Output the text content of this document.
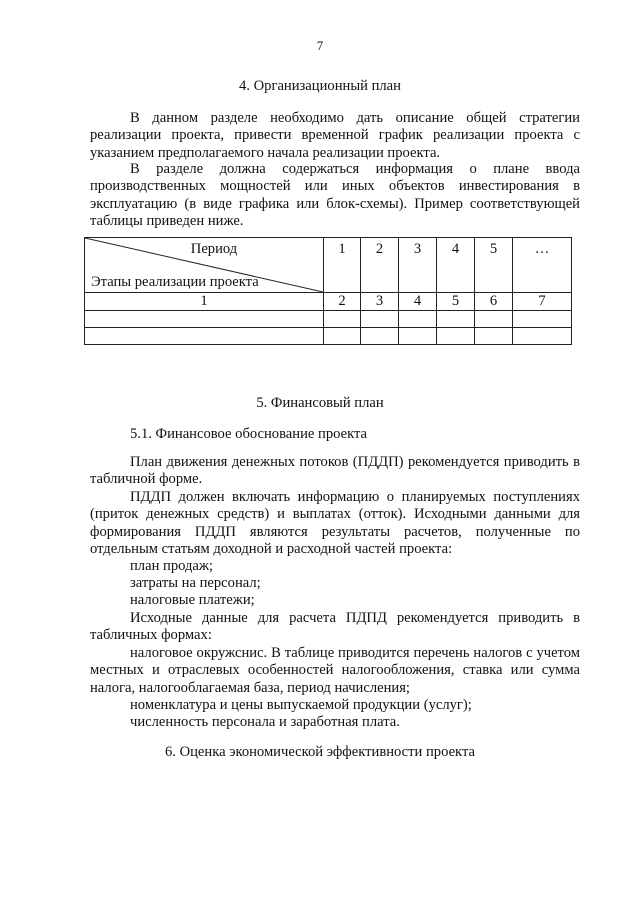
7
4. Организационный план
В данном разделе необходимо дать описание общей стратегии реализации проекта, привести временной график реализации проекта с указанием предполагаемого начала реализации проекта.
В разделе должна содержаться информация о плане ввода производственных мощностей или иных объектов инвестирования в эксплуатацию (в виде графика или блок-схемы). Пример соответствующей таблицы приведен ниже.
Период
Этапы реализации проекта	1	2	3	4	5	…
1	2	3	4	5	6	7

5. Финансовый план
5.1. Финансовое обоснование проекта
План движения денежных потоков (ПДДП) рекомендуется приводить в табличной форме.
ПДДП должен включать информацию о планируемых поступлениях (приток денежных средств) и выплатах (отток). Исходными данными для формирования ПДДП являются результаты расчетов, полученные по отдельным статьям доходной и расходной частей проекта:
план продаж;
затраты на персонал;
налоговые платежи;
Исходные данные для расчета ПДПД рекомендуется приводить в табличных формах:
налоговое окружснис. В таблице приводится перечень налогов с учетом местных и отраслевых особенностей налогообложения, ставка или сумма налога, налогооблагаемая база, период начисления;
номенклатура и цены выпускаемой продукции (услуг);
численность персонала и заработная плата.
6. Оценка экономической эффективности проекта
